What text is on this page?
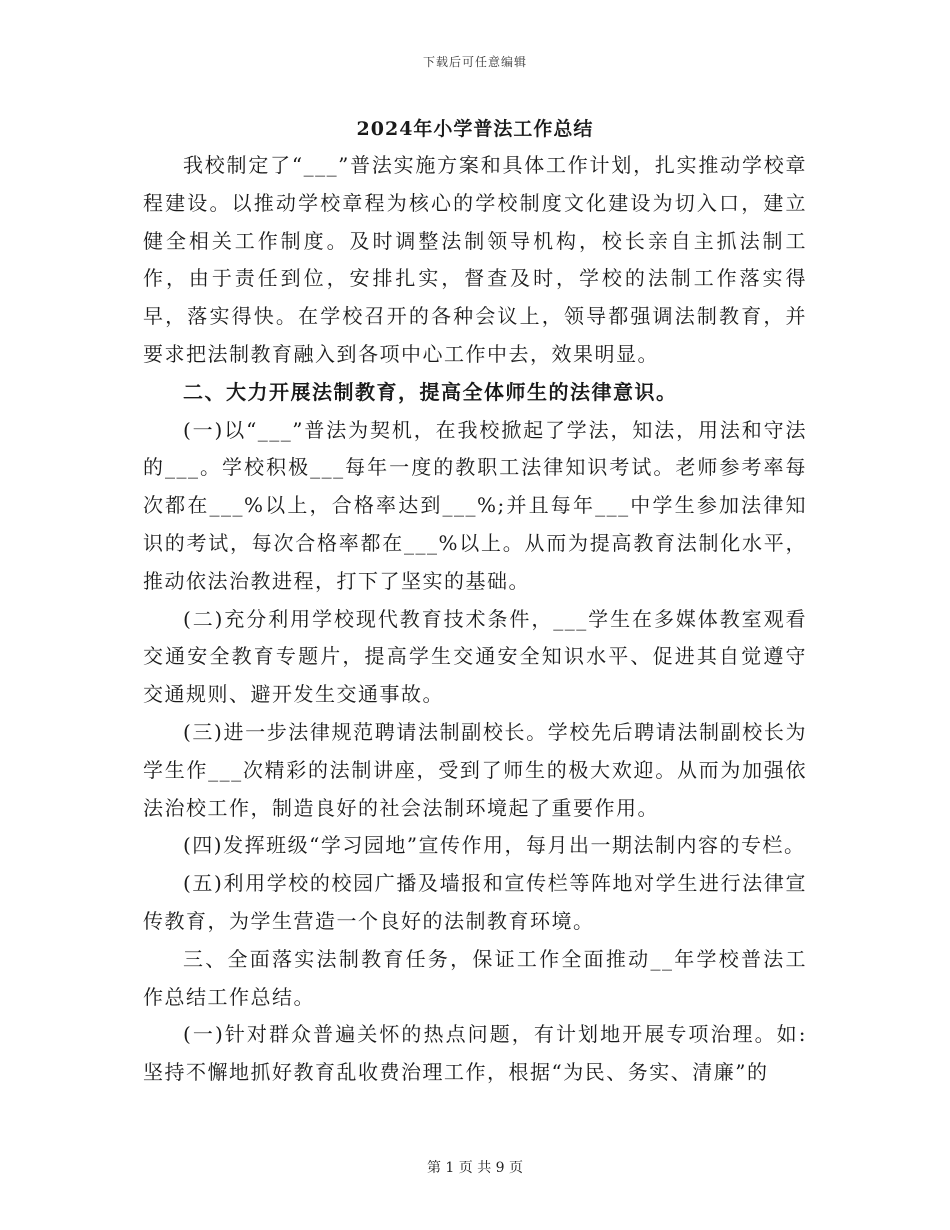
下载后可任意编辑
2024年小学普法工作总结

我校制定了“___”普法实施方案和具体工作计划，扎实推动学校章程建设。以推动学校章程为核心的学校制度文化建设为切入口，建立健全相关工作制度。及时调整法制领导机构，校长亲自主抓法制工作，由于责任到位，安排扎实，督查及时，学校的法制工作落实得早，落实得快。在学校召开的各种会议上，领导都强调法制教育，并要求把法制教育融入到各项中心工作中去，效果明显。

二、大力开展法制教育，提高全体师生的法律意识。

(一)以“___”普法为契机，在我校掀起了学法，知法，用法和守法的___。学校积极___每年一度的教职工法律知识考试。老师参考率每次都在___%以上，合格率达到___%;并且每年___中学生参加法律知识的考试，每次合格率都在___%以上。从而为提高教育法制化水平，推动依法治教进程，打下了坚实的基础。

(二)充分利用学校现代教育技术条件，___学生在多媒体教室观看交通安全教育专题片，提高学生交通安全知识水平、促进其自觉遵守交通规则、避开发生交通事故。

(三)进一步法律规范聘请法制副校长。学校先后聘请法制副校长为学生作___次精彩的法制讲座，受到了师生的极大欢迎。从而为加强依法治校工作，制造良好的社会法制环境起了重要作用。

(四)发挥班级“学习园地”宣传作用，每月出一期法制内容的专栏。

(五)利用学校的校园广播及墙报和宣传栏等阵地对学生进行法律宣传教育，为学生营造一个良好的法制教育环境。

三、全面落实法制教育任务，保证工作全面推动__年学校普法工作总结工作总结。

(一)针对群众普遍关怀的热点问题，有计划地开展专项治理。如:坚持不懈地抓好教育乱收费治理工作，根据“为民、务实、清廉”的

第 1 页 共 9 页
